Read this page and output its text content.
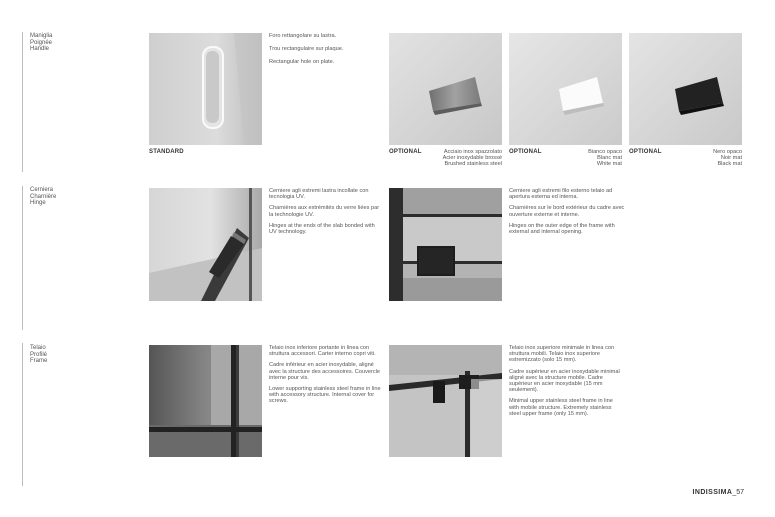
Maniglia
Poignée
Handle
Cerniera
Charnière
Hinge
Telaio
Profilé
Frame
STANDARD

Foro rettangolare su lastra.

Trou rectangulaire sur plaque.

Rectangular hole on plate.

OPTIONAL	Acciaio inox spazzolato
Acier inoxydable brossé
Brushed stainless steel
OPTIONAL	Bianco opaco
Blanc mat
White mat
OPTIONAL	Nero opaco
Noir mat
Black mat

Cerniere agli estremi lastra incollate con tecnologia UV.

Charnières aux extrémités du verre liées par la technologie UV.

Hinges at the ends of the slab bonded with UV technology.

Cerniere agli estremi filo esterno telaio ad apertura esterna ed interna.

Charnières sur le bord extérieur du cadre avec ouverture externe et interne.

Hinges on the outer edge of the frame with external and internal opening.

Telaio inox inferiore portante in linea con struttura accessori. Carter interno copri viti.

Cadre inférieur en acier inoxydable, aligné avec la structure des accessoires. Couvercle interne pour vis.

Lower supporting stainless steel frame in line with accessory structure. Internal cover for screws.

Telaio inox superiore minimale in linea con struttura mobili. Telaio inox superiore estremizzato (solo 15 mm).

Cadre supérieur en acier inoxydable minimal aligné avec la structure mobile. Cadre supérieur en acier inoxydable (15 mm seulement).

Minimal upper stainless steel frame in line with mobile structure. Extremely stainless steel upper frame (only 15 mm).

INDISSIMA_57
